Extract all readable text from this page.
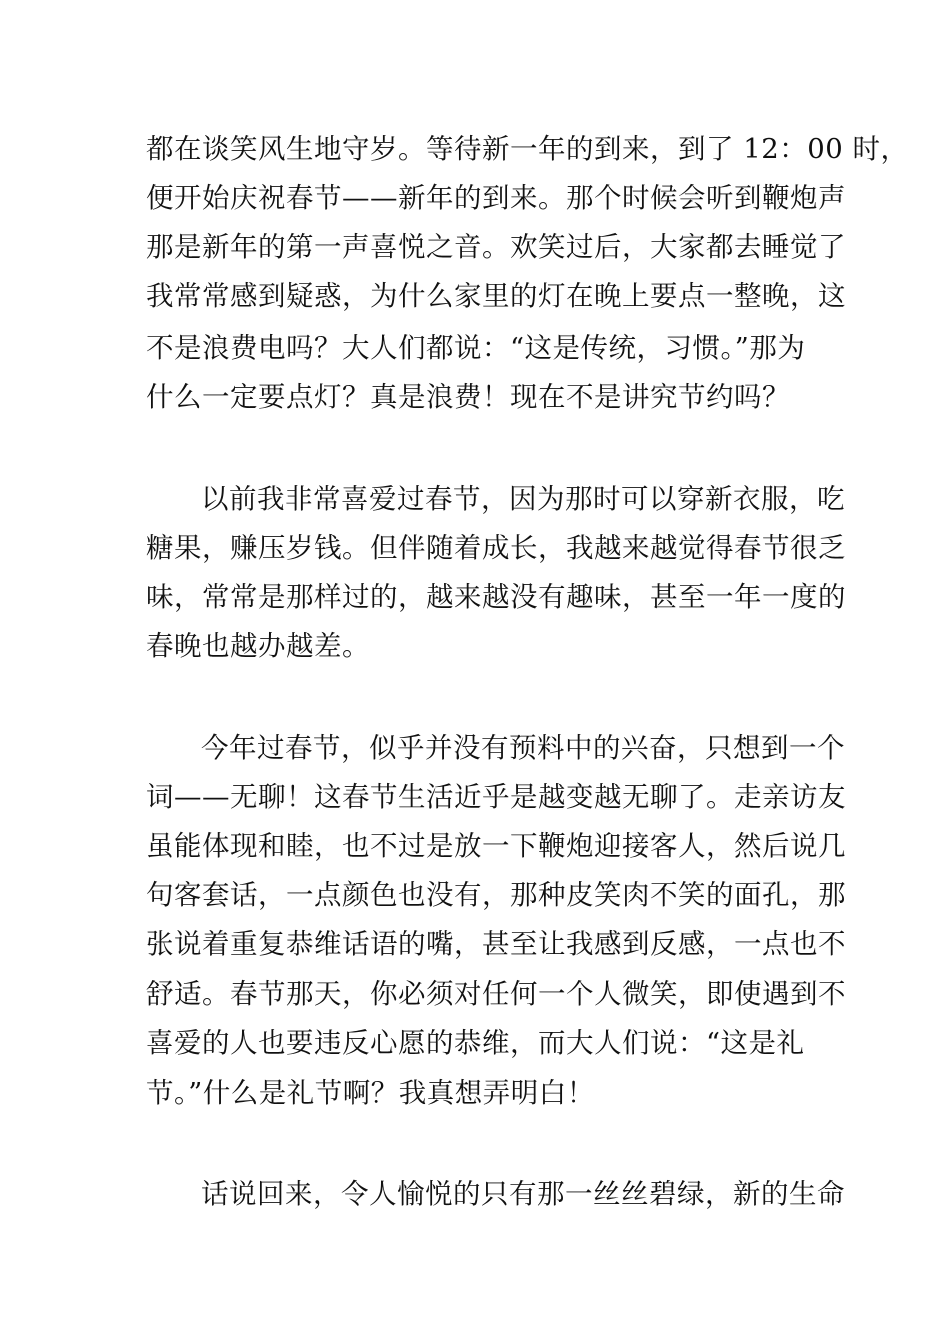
都在谈笑风生地守岁。等待新一年的到来，到了 12：00 时，
便开始庆祝春节——新年的到来。那个时候会听到鞭炮声
那是新年的第一声喜悦之音。欢笑过后，大家都去睡觉了
我常常感到疑惑，为什么家里的灯在晚上要点一整晚，这
不是浪费电吗？大人们都说：“这是传统，习惯。”那为
什么一定要点灯？真是浪费！现在不是讲究节约吗？
以前我非常喜爱过春节，因为那时可以穿新衣服，吃
糖果，赚压岁钱。但伴随着成长，我越来越觉得春节很乏
味，常常是那样过的，越来越没有趣味，甚至一年一度的
春晚也越办越差。
今年过春节，似乎并没有预料中的兴奋，只想到一个
词——无聊！这春节生活近乎是越变越无聊了。走亲访友
虽能体现和睦，也不过是放一下鞭炮迎接客人，然后说几
句客套话，一点颜色也没有，那种皮笑肉不笑的面孔，那
张说着重复恭维话语的嘴，甚至让我感到反感，一点也不
舒适。春节那天，你必须对任何一个人微笑，即使遇到不
喜爱的人也要违反心愿的恭维，而大人们说：“这是礼
节。”什么是礼节啊？我真想弄明白！
话说回来，令人愉悦的只有那一丝丝碧绿，新的生命
